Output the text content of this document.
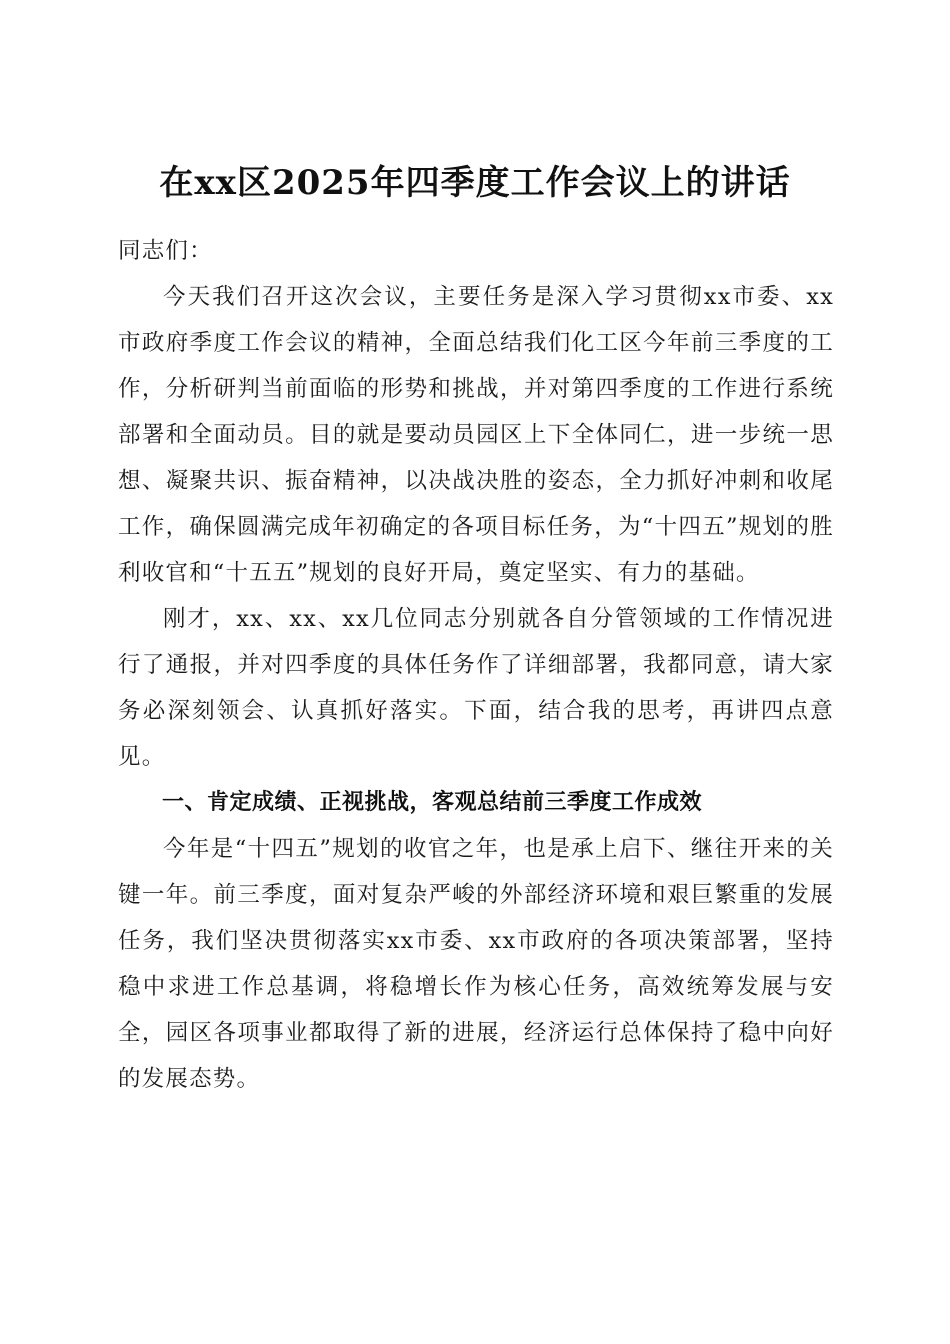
在xx区2025年四季度工作会议上的讲话

同志们：

今天我们召开这次会议，主要任务是深入学习贯彻xx市委、xx市政府季度工作会议的精神，全面总结我们化工区今年前三季度的工作，分析研判当前面临的形势和挑战，并对第四季度的工作进行系统部署和全面动员。目的就是要动员园区上下全体同仁，进一步统一思想、凝聚共识、振奋精神，以决战决胜的姿态，全力抓好冲刺和收尾工作，确保圆满完成年初确定的各项目标任务，为“十四五”规划的胜利收官和“十五五”规划的良好开局，奠定坚实、有力的基础。

刚才，xx、xx、xx几位同志分别就各自分管领域的工作情况进行了通报，并对四季度的具体任务作了详细部署，我都同意，请大家务必深刻领会、认真抓好落实。下面，结合我的思考，再讲四点意见。

一、肯定成绩、正视挑战，客观总结前三季度工作成效

今年是“十四五”规划的收官之年，也是承上启下、继往开来的关键一年。前三季度，面对复杂严峻的外部经济环境和艰巨繁重的发展任务，我们坚决贯彻落实xx市委、xx市政府的各项决策部署，坚持稳中求进工作总基调，将稳增长作为核心任务，高效统筹发展与安全，园区各项事业都取得了新的进展，经济运行总体保持了稳中向好的发展态势。
